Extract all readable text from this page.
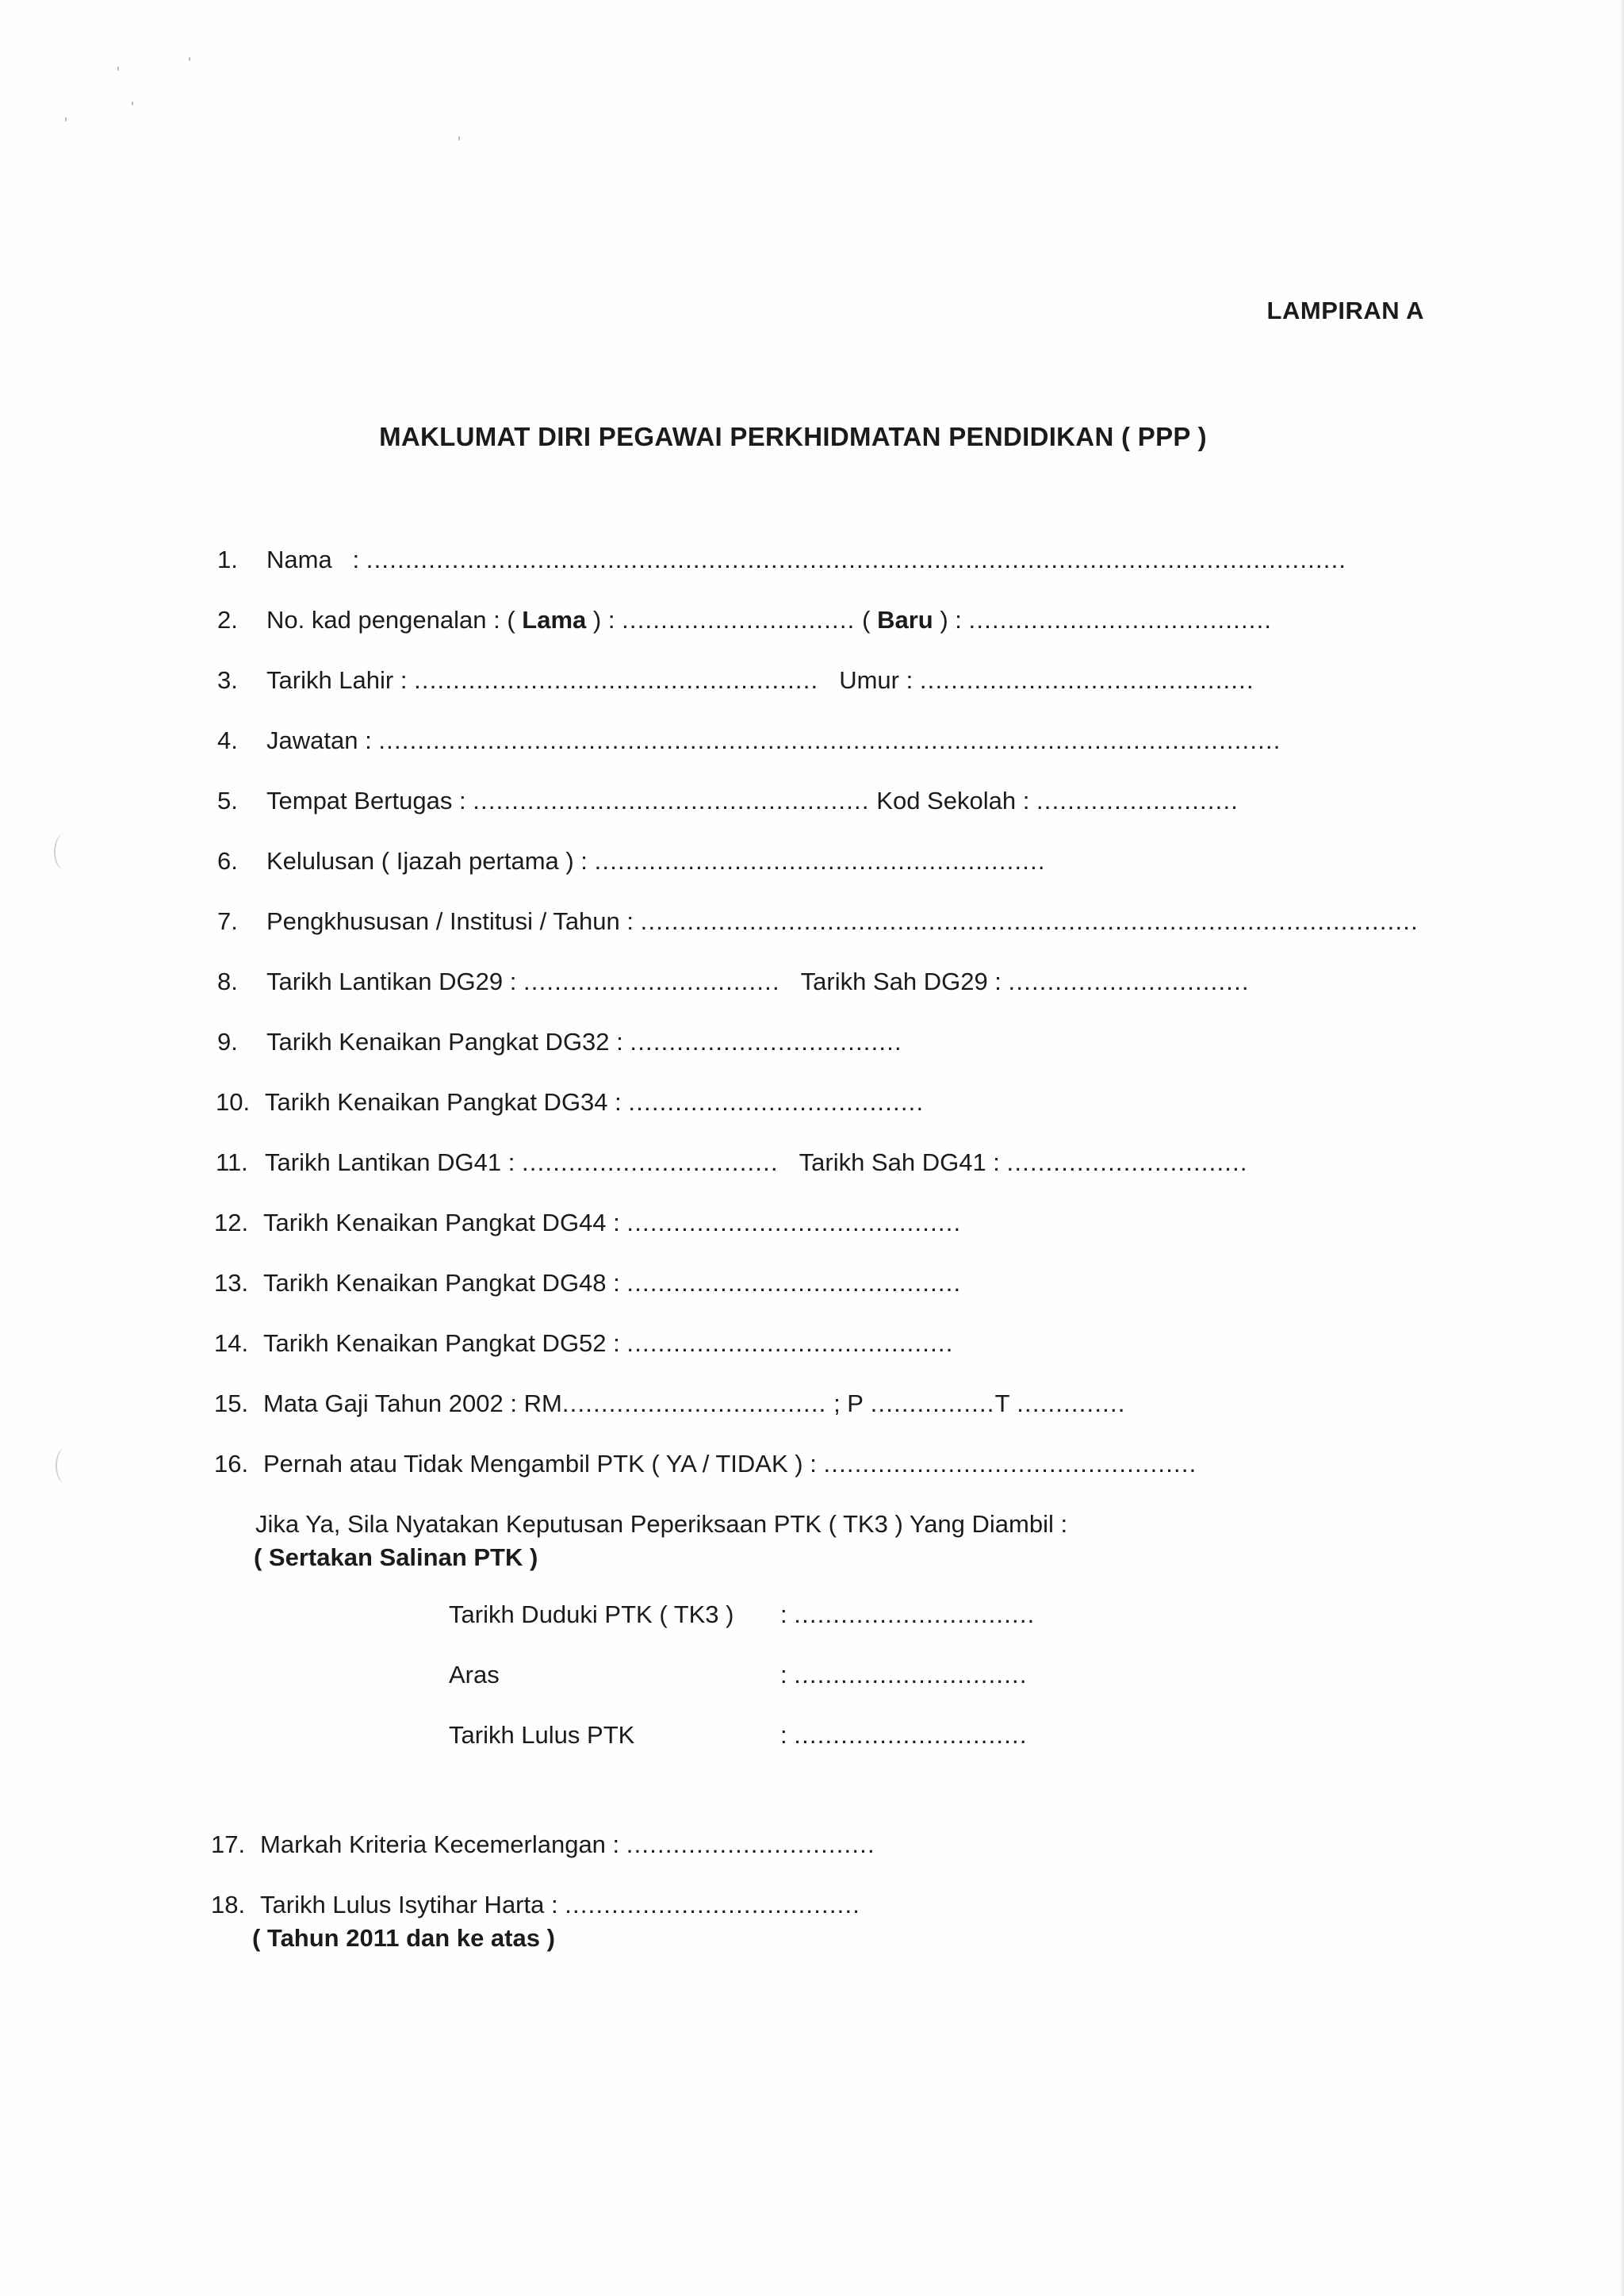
LAMPIRAN A
MAKLUMAT DIRI PEGAWAI PERKHIDMATAN PENDIDIKAN ( PPP )
1. Nama : ..............................................................................................................................
2. No. kad pengenalan : ( Lama ) : .............................. ( Baru ) : .......................................
3. Tarikh Lahir : .................................................... Umur : ...........................................
4. Jawatan : ....................................................................................................................
5. Tempat Bertugas : ................................................... Kod Sekolah : ..........................
6. Kelulusan ( Ijazah pertama ) : ..........................................................
7. Pengkhususan / Institusi / Tahun : ....................................................................................................
8. Tarikh Lantikan DG29 : ................................. Tarikh Sah DG29 : ...............................
9. Tarikh Kenaikan Pangkat DG32 : ...................................
10. Tarikh Kenaikan Pangkat DG34 : ......................................
11. Tarikh Lantikan DG41 : ................................. Tarikh Sah DG41 : ...............................
12. Tarikh Kenaikan Pangkat DG44 : ...........................................
13. Tarikh Kenaikan Pangkat DG48 : ...........................................
14. Tarikh Kenaikan Pangkat DG52 : ..........................................
15. Mata Gaji Tahun 2002 : RM.................................. ; P ................T ..............
16. Pernah atau Tidak Mengambil PTK ( YA / TIDAK ) : ................................................
Jika Ya, Sila Nyatakan Keputusan Peperiksaan PTK ( TK3 ) Yang Diambil :
( Sertakan Salinan PTK )
Tarikh Duduki PTK ( TK3 ) : ...............................
Aras	: ..............................
Tarikh Lulus PTK	: ..............................
17. Markah Kriteria Kecemerlangan : ................................
18. Tarikh Lulus Isytihar Harta : ......................................
( Tahun 2011 dan ke atas )
